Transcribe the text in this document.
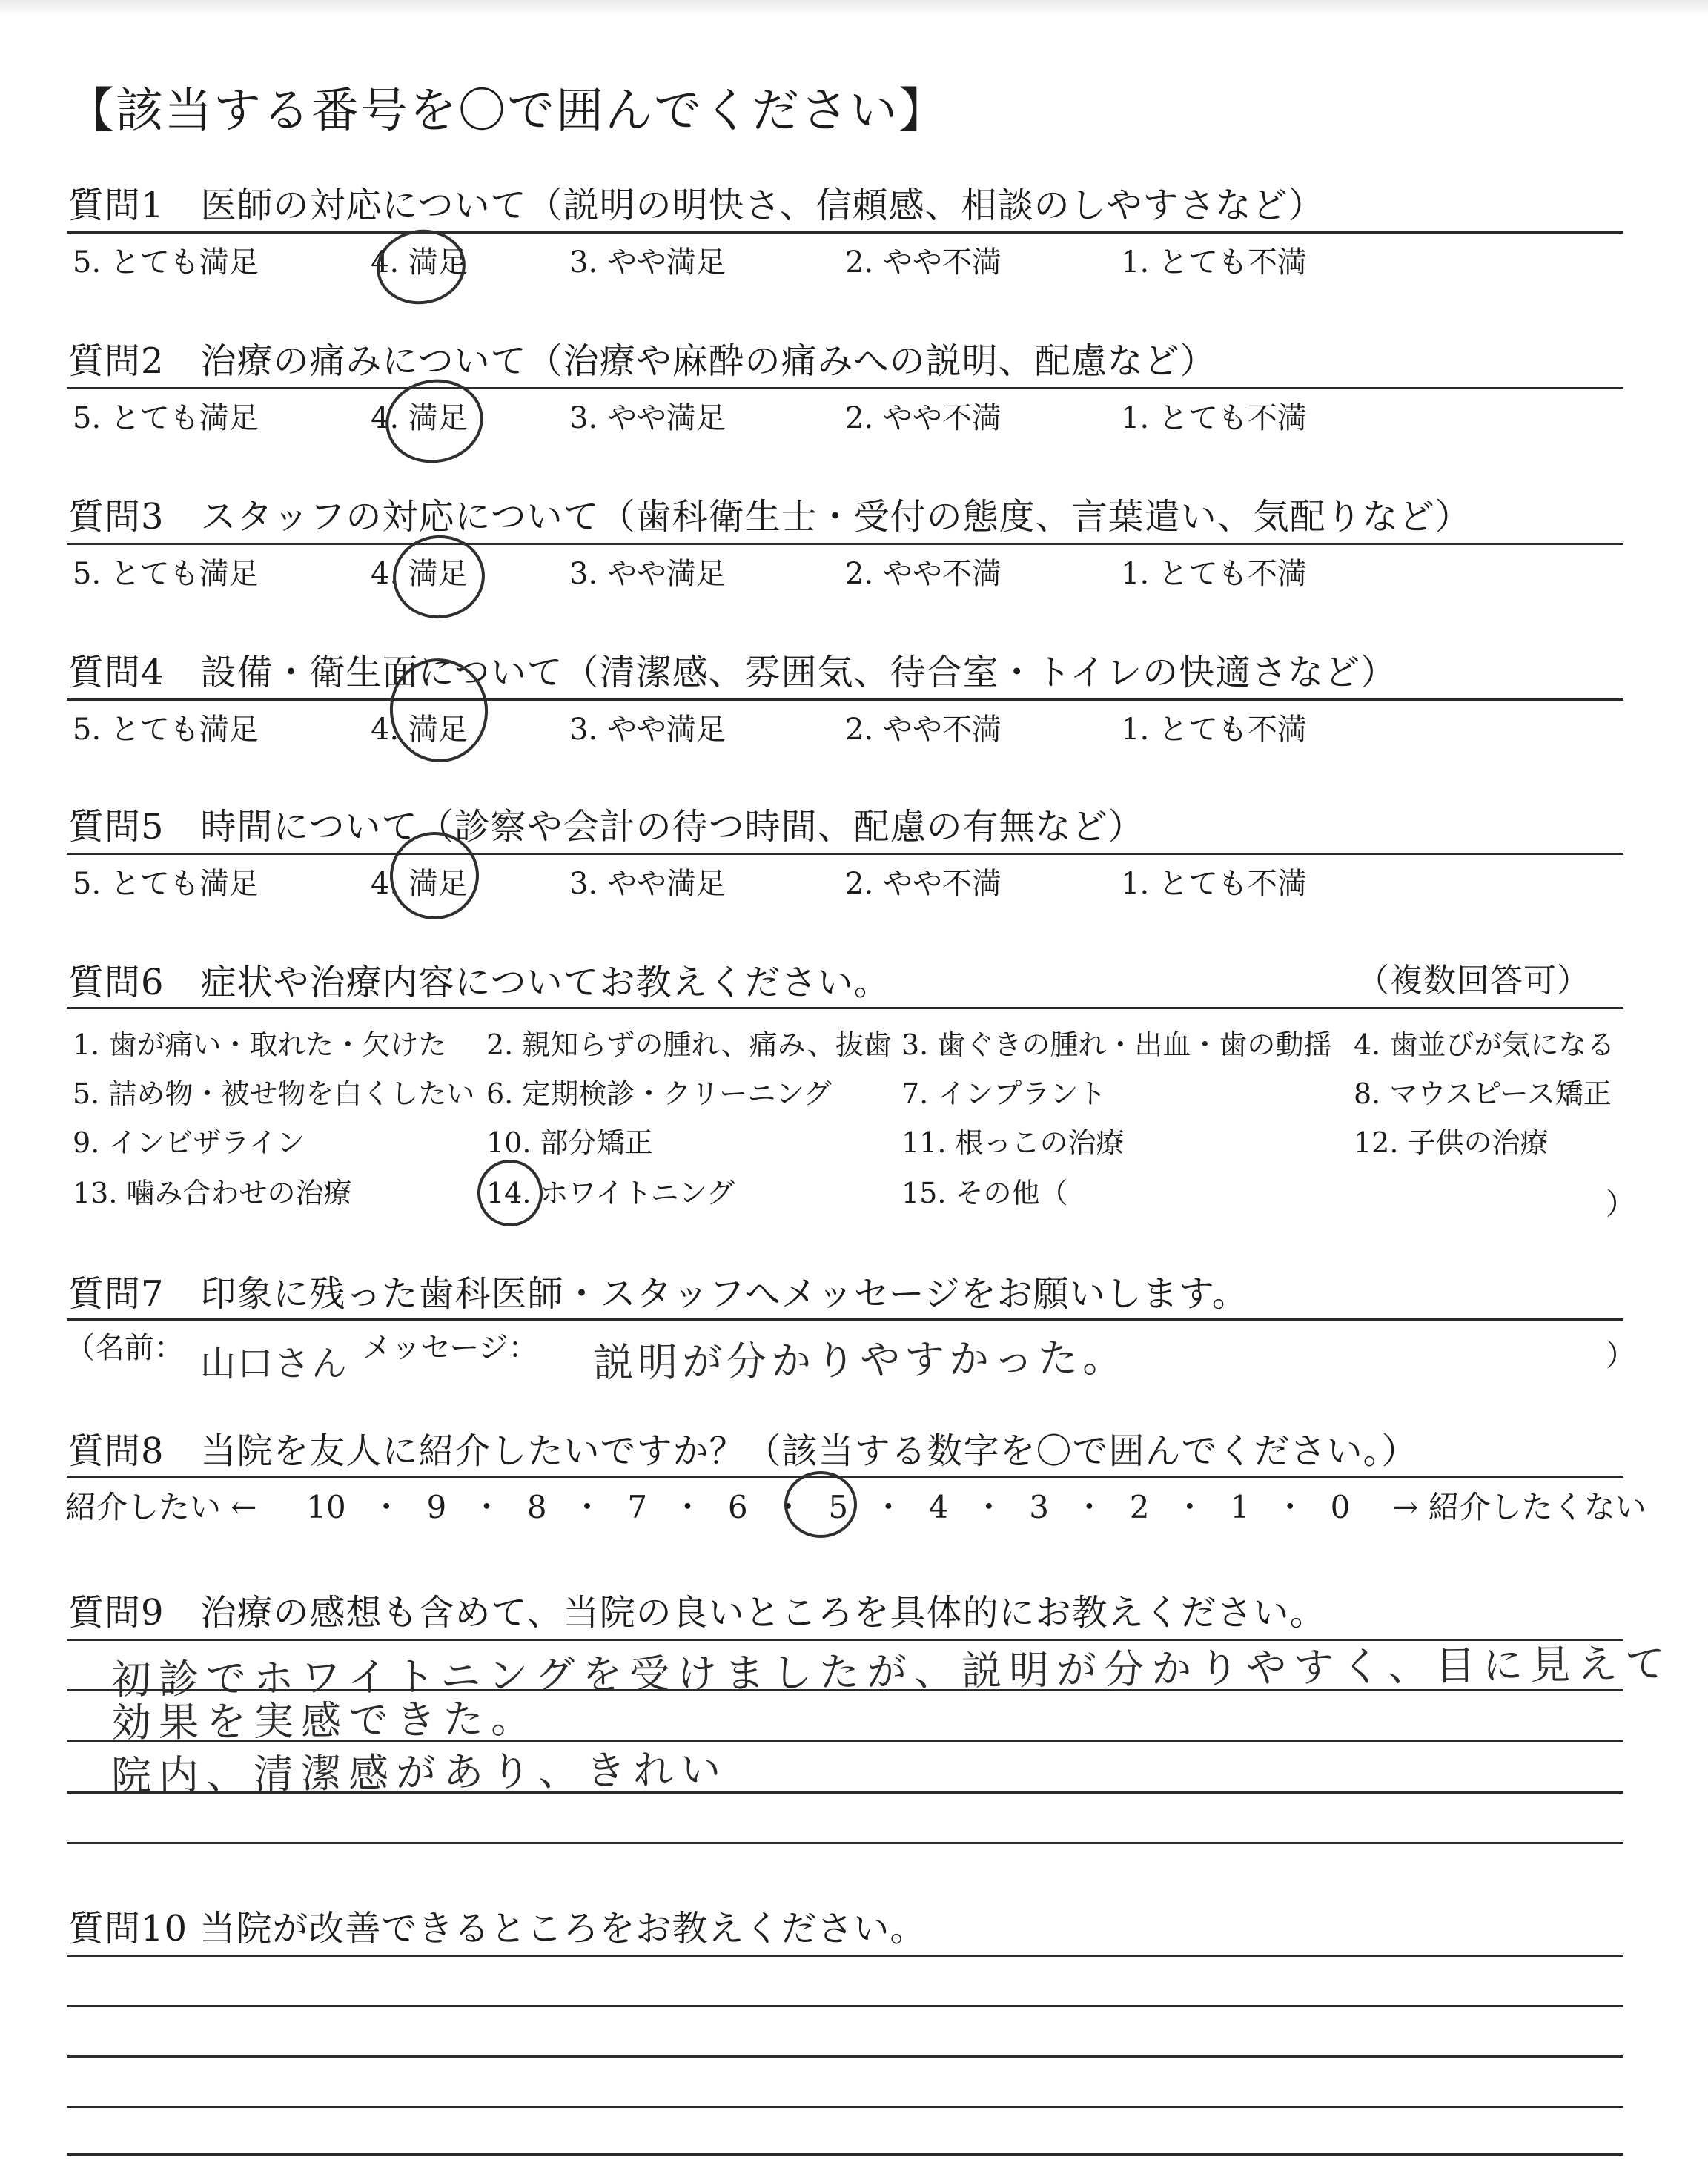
【該当する番号を〇で囲んでください】
質問1　医師の対応について（説明の明快さ、信頼感、相談のしやすさなど）
5. とても満足	4. 満足	3. やや満足	2. やや不満	1. とても不満
質問2　治療の痛みについて（治療や麻酔の痛みへの説明、配慮など）
5. とても満足	4. 満足	3. やや満足	2. やや不満	1. とても不満
質問3　スタッフの対応について（歯科衛生士・受付の態度、言葉遣い、気配りなど）
5. とても満足	4. 満足	3. やや満足	2. やや不満	1. とても不満
質問4　設備・衛生面について（清潔感、雰囲気、待合室・トイレの快適さなど）
5. とても満足	4. 満足	3. やや満足	2. やや不満	1. とても不満
質問5　時間について（診察や会計の待つ時間、配慮の有無など）
5. とても満足	4. 満足	3. やや満足	2. やや不満	1. とても不満
質問6　症状や治療内容についてお教えください。	（複数回答可）
1. 歯が痛い・取れた・欠けた 2. 親知らずの腫れ、痛み、抜歯 3. 歯ぐきの腫れ・出血・歯の動揺 4. 歯並びが気になる
5. 詰め物・被せ物を白くしたい 6. 定期検診・クリーニング 7. インプラント	8. マウスピース矯正
9. インビザライン	10. 部分矯正	11. 根っこの治療	12. 子供の治療
13. 噛み合わせの治療	14. ホワイトニング	15. その他（	）
質問7　印象に残った歯科医師・スタッフへメッセージをお願いします。
（名前： 山口さん メッセージ： 説明が分かりやすかった。	）
質問8　当院を友人に紹介したいですか？（該当する数字を〇で囲んでください。）
紹介したい ← 10 ・ 9 ・ 8 ・ 7 ・ 6 ・ 5 ・ 4 ・ 3 ・ 2 ・ 1 ・ 0 → 紹介したくない
質問9　治療の感想も含めて、当院の良いところを具体的にお教えください。
初診でホワイトニングを受けましたが、説明が分かりやすく、目に見えて
効果を実感できた。
院内、清潔感があり、きれい
質問10 当院が改善できるところをお教えください。
